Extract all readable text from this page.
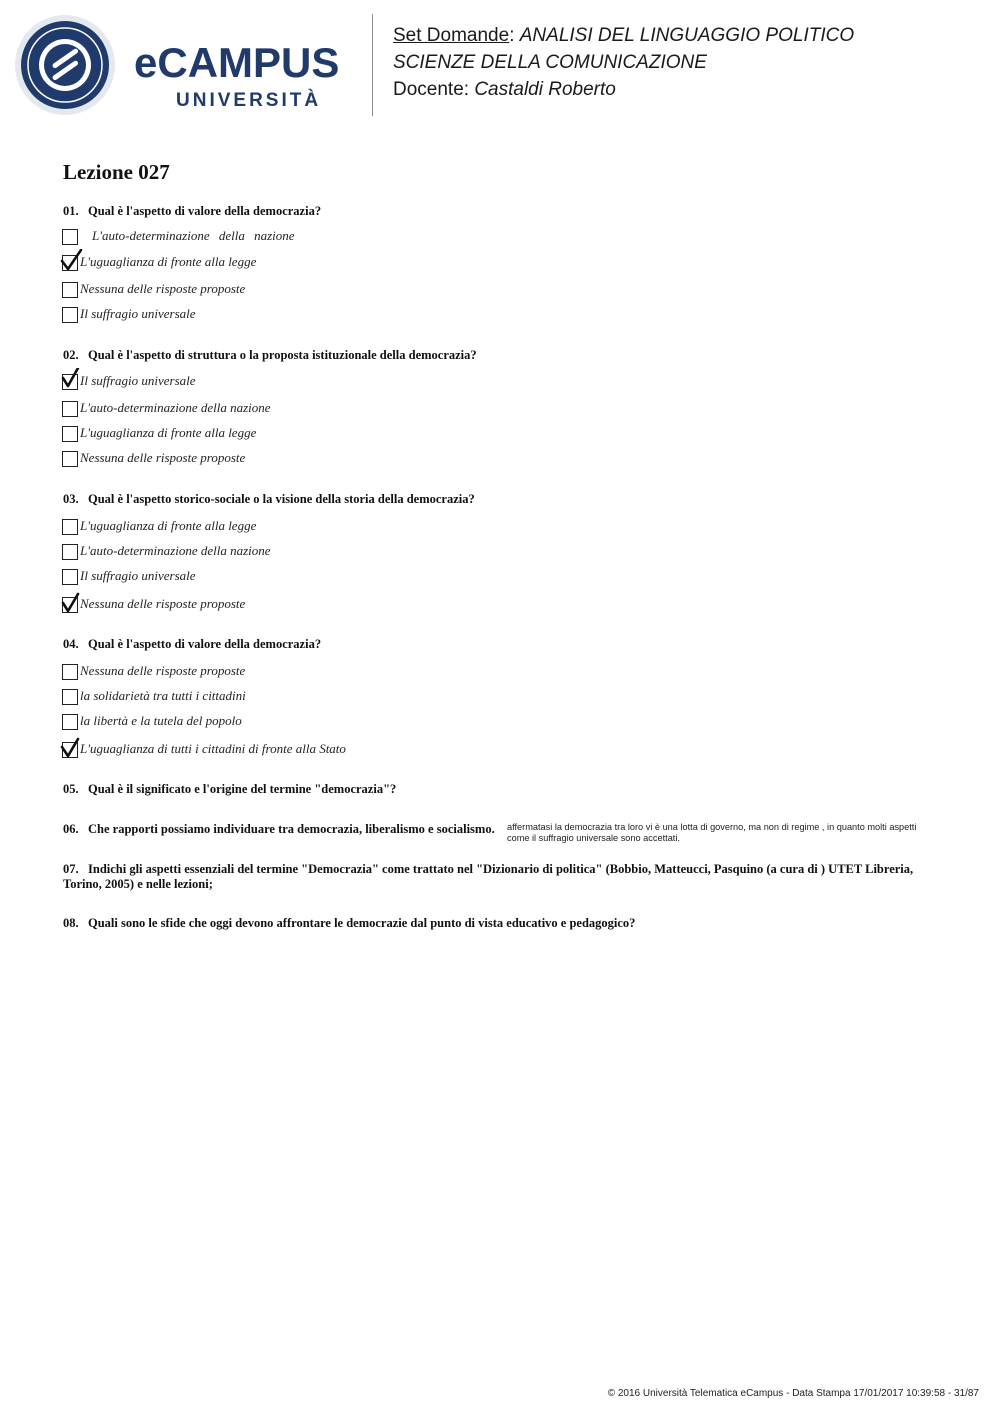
eCAMPUS
UNIVERSITÀ
Set Domande: ANALISI DEL LINGUAGGIO POLITICO
SCIENZE DELLA COMUNICAZIONE
Docente: Castaldi Roberto
Lezione 027
01. Qual è l'aspetto di valore della democrazia?
L'auto-determinazione della nazione
L'uguaglianza di fronte alla legge
Nessuna delle risposte proposte
Il suffragio universale
02. Qual è l'aspetto di struttura o la proposta istituzionale della democrazia?
Il suffragio universale
L'auto-determinazione della nazione
L'uguaglianza di fronte alla legge
Nessuna delle risposte proposte
03. Qual è l'aspetto storico-sociale o la visione della storia della democrazia?
L'uguaglianza di fronte alla legge
L'auto-determinazione della nazione
Il suffragio universale
Nessuna delle risposte proposte
04. Qual è l'aspetto di valore della democrazia?
Nessuna delle risposte proposte
la solidarietà tra tutti i cittadini
la libertà e la tutela del popolo
L'uguaglianza di tutti i cittadini di fronte alla Stato
05. Qual è il significato e l'origine del termine "democrazia"?
06. Che rapporti possiamo individuare tra democrazia, liberalismo e socialismo.	affermatasi la democrazia tra loro vi è una lotta di governo, ma non di regime , in quanto molti aspetti come il suffragio universale sono accettati.
07. Indichi gli aspetti essenziali del termine "Democrazia" come trattato nel "Dizionario di politica" (Bobbio, Matteucci, Pasquino (a cura di ) UTET Libreria, Torino, 2005) e nelle lezioni;
08. Quali sono le sfide che oggi devono affrontare le democrazie dal punto di vista educativo e pedagogico?
© 2016 Università Telematica eCampus - Data Stampa 17/01/2017 10:39:58 - 31/87
